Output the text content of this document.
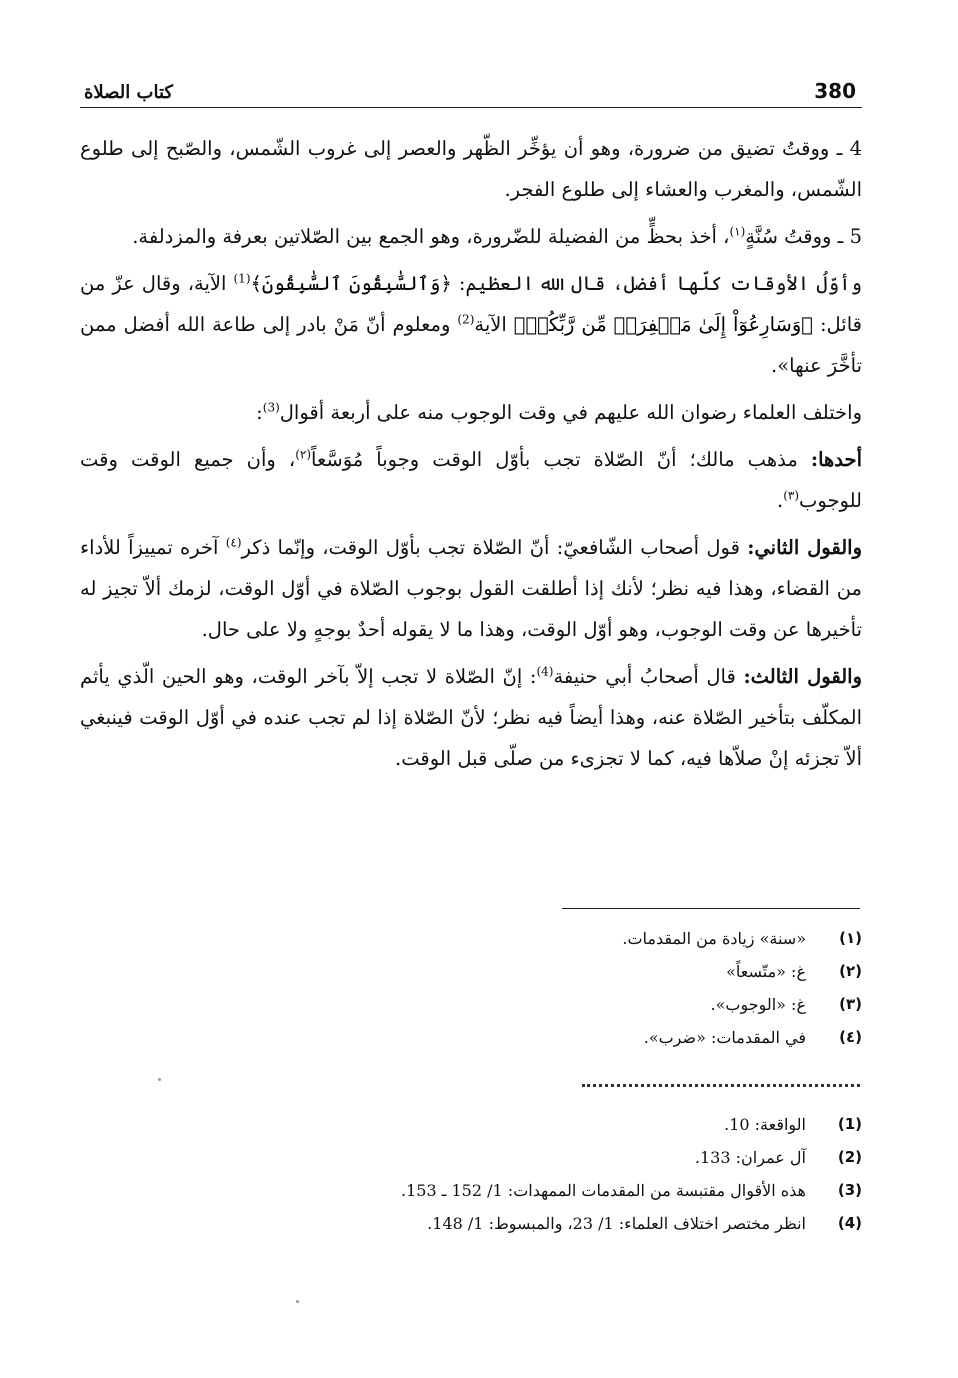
كتاب الصلاة	380

4 ـ ووقتُ تضيق من ضرورة، وهو أن يؤخِّر الظّهر والعصر إلى غروب الشّمس، والصّبح إلى طلوع الشّمس، والمغرب والعشاء إلى طلوع الفجر.

5 ـ ووقتُ سُنَّةٍ$^{(١)}$، أخذ بحظٍّ من الفضيلة للضّرورة، وهو الجمع بين الصّلاتين بعرفة والمزدلفة.

وأوّلُ الأوقات كلّها أفضل، قال الله العظيم: ﴿وَٱلسَّٰبِقُونَ ٱلسَّٰبِقُونَ﴾$^{(1)}$ الآية، وقال عزّ من قائل: ﴿وَسَارِعُوٓاْ إِلَىٰ مَغۡفِرَةٖ مِّن رَّبِّكُمۡ﴾ الآية$^{(2)}$ ومعلوم أنّ مَنْ بادر إلى طاعة الله أفضل ممن تأخَّرَ عنها».

واختلف العلماء رضوان الله عليهم في وقت الوجوب منه على أربعة أقوال$^{(3)}$:

أحدها: مذهب مالك؛ أنّ الصّلاة تجب بأوّل الوقت وجوباً مُوَسَّعاً$^{(٢)}$، وأن جميع الوقت وقت للوجوب$^{(٣)}$.

والقول الثاني: قول أصحاب الشّافعيّ: أنّ الصّلاة تجب بأوّل الوقت، وإنّما ذكر$^{(٤)}$ آخره تمييزاً للأداء من القضاء، وهذا فيه نظر؛ لأنك إذا أطلقت القول بوجوب الصّلاة في أوّل الوقت، لزمك ألاّ تجيز له تأخيرها عن وقت الوجوب، وهو أوّل الوقت، وهذا ما لا يقوله أحدٌ بوجهٍ ولا على حال.

والقول الثالث: قال أصحابُ أبي حنيفة$^{(4)}$: إنّ الصّلاة لا تجب إلاّ بآخر الوقت، وهو الحين الّذي يأثم المكلّف بتأخير الصّلاة عنه، وهذا أيضاً فيه نظر؛ لأنّ الصّلاة إذا لم تجب عنده في أوّل الوقت فينبغي ألاّ تجزئه إنْ صلاّها فيه، كما لا تجزىء من صلّى قبل الوقت.

(١)
«سنة» زيادة من المقدمات.
(٢)
غ: «متّسعاً»
(٣)
غ: «الوجوب».
(٤)
في المقدمات: «ضرب».
(1)
الواقعة: 10.
(2)
آل عمران: 133.
(3)
هذه الأقوال مقتبسة من المقدمات الممهدات: 1/ 152 ـ 153.
(4)
انظر مختصر اختلاف العلماء: 1/ 23، والمبسوط: 1/ 148.
